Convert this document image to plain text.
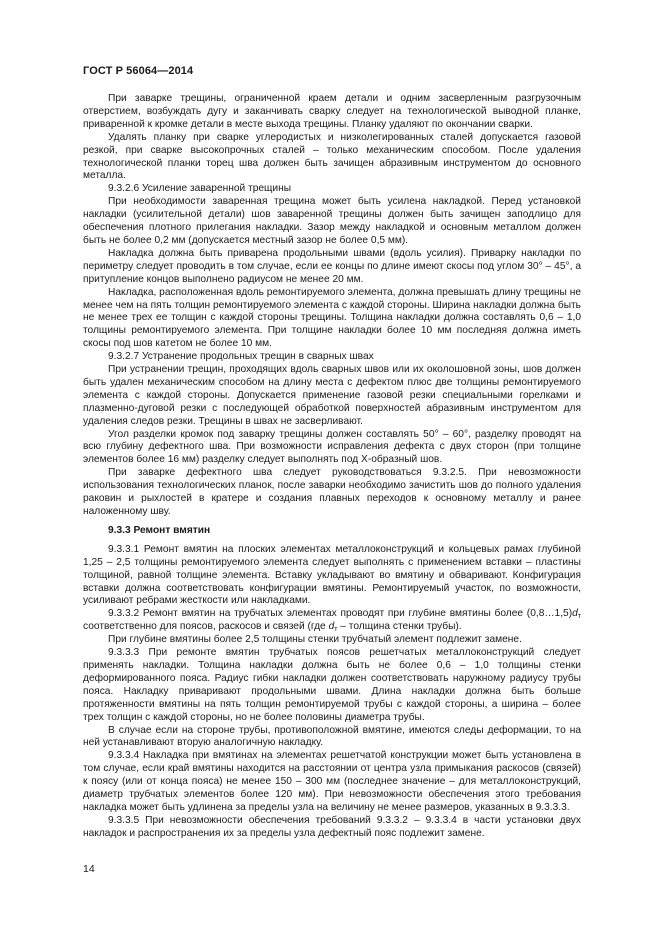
ГОСТ Р 56064—2014

При заварке трещины, ограниченной краем детали и одним засверленным разгрузочным отверстием, возбуждать дугу и заканчивать сварку следует на технологической выводной планке, приваренной к кромке детали в месте выхода трещины. Планку удаляют по окончании сварки.

Удалять планку при сварке углеродистых и низколегированных сталей допускается газовой резкой, при сварке высокопрочных сталей – только механическим способом. После удаления технологической планки торец шва должен быть зачищен абразивным инструментом до основного металла.

9.3.2.6 Усиление заваренной трещины

При необходимости заваренная трещина может быть усилена накладкой. Перед установкой накладки (усилительной детали) шов заваренной трещины должен быть зачищен заподлицо для обеспечения плотного прилегания накладки. Зазор между накладкой и основным металлом должен быть не более 0,2 мм (допускается местный зазор не более 0,5 мм).

Накладка должна быть приварена продольными швами (вдоль усилия). Приварку накладки по периметру следует проводить в том случае, если ее концы по длине имеют скосы под углом 30° – 45°, а притупление концов выполнено радиусом не менее 20 мм.

Накладка, расположенная вдоль ремонтируемого элемента, должна превышать длину трещины не менее чем на пять толщин ремонтируемого элемента с каждой стороны. Ширина накладки должна быть не менее трех ее толщин с каждой стороны трещины. Толщина накладки должна составлять 0,6 – 1,0 толщины ремонтируемого элемента. При толщине накладки более 10 мм последняя должна иметь скосы под шов катетом не более 10 мм.

9.3.2.7 Устранение продольных трещин в сварных швах

При устранении трещин, проходящих вдоль сварных швов или их околошовной зоны, шов должен быть удален механическим способом на длину места с дефектом плюс две толщины ремонтируемого элемента с каждой стороны. Допускается применение газовой резки специальными горелками и плазменно-дуговой резки с последующей обработкой поверхностей абразивным инструментом для удаления следов резки. Трещины в швах не засверливают.

Угол разделки кромок под заварку трещины должен составлять 50° – 60°, разделку проводят на всю глубину дефектного шва. При возможности исправления дефекта с двух сторон (при толщине элементов более 16 мм) разделку следует выполнять под Х-образный шов.

При заварке дефектного шва следует руководствоваться 9.3.2.5. При невозможности использования технологических планок, после заварки необходимо зачистить шов до полного удаления раковин и рыхлостей в кратере и создания плавных переходов к основному металлу и ранее наложенному шву.

9.3.3 Ремонт вмятин

9.3.3.1 Ремонт вмятин на плоских элементах металлоконструкций и кольцевых рамах глубиной 1,25 – 2,5 толщины ремонтируемого элемента следует выполнять с применением вставки – пластины толщиной, равной толщине элемента. Вставку укладывают во вмятину и обваривают. Конфигурация вставки должна соответствовать конфигурации вмятины. Ремонтируемый участок, по возможности, усиливают ребрами жесткости или накладками.

9.3.3.2 Ремонт вмятин на трубчатых элементах проводят при глубине вмятины более $(0,8\dots 1,5)d_т$ соответственно для поясов, раскосов и связей (где $d_т$ – толщина стенки трубы).

При глубине вмятины более 2,5 толщины стенки трубчатый элемент подлежит замене.

9.3.3.3 При ремонте вмятин трубчатых поясов решетчатых металлоконструкций следует применять накладки. Толщина накладки должна быть не более 0,6 – 1,0 толщины стенки деформированного пояса. Радиус гибки накладки должен соответствовать наружному радиусу трубы пояса. Накладку приваривают продольными швами. Длина накладки должна быть больше протяженности вмятины на пять толщин ремонтируемой трубы с каждой стороны, а ширина – более трех толщин с каждой стороны, но не более половины диаметра трубы.

В случае если на стороне трубы, противоположной вмятине, имеются следы деформации, то на ней устанавливают вторую аналогичную накладку.

9.3.3.4 Накладка при вмятинах на элементах решетчатой конструкции может быть установлена в том случае, если край вмятины находится на расстоянии от центра узла примыкания раскосов (связей) к поясу (или от конца пояса) не менее 150 – 300 мм (последнее значение – для металлоконструкций, диаметр трубчатых элементов более 120 мм). При невозможности обеспечения этого требования накладка может быть удлинена за пределы узла на величину не менее размеров, указанных в 9.3.3.3.

9.3.3.5 При невозможности обеспечения требований 9.3.3.2 – 9.3.3.4 в части установки двух накладок и распространения их за пределы узла дефектный пояс подлежит замене.

14
